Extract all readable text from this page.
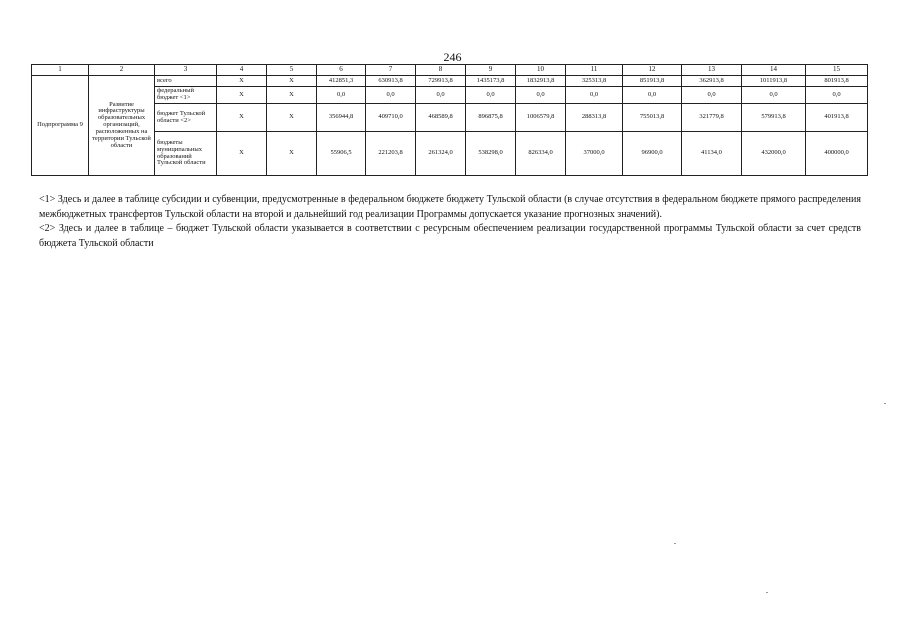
246
1	2	3	4	5	6	7	8	9	10	11	12	13	14	15
Подпрограмма 9	Развитие инфраструктуры образовательных организаций, расположенных на территории Тульской области	всего	X	X	412851,3	630913,8	729913,8	1435173,8	1832913,8	325313,8	851913,8	362913,8	1011913,8	801913,8
		федеральный бюджет <1>	X	X	0,0	0,0	0,0	0,0	0,0	0,0	0,0	0,0	0,0	0,0
		бюджет Тульской области <2>	X	X	356944,8	409710,0	468589,8	896875,8	1006579,8	288313,8	755013,8	321779,8	579913,8	401913,8
		бюджеты муниципальных образований Тульской области	X	X	55906,5	221203,8	261324,0	538298,0	826334,0	37000,0	96900,0	41134,0	432000,0	400000,0

<1> Здесь и далее в таблице субсидии и субвенции, предусмотренные в федеральном бюджете бюджету Тульской области (в случае отсутствия в федеральном бюджете прямого распределения межбюджетных трансфертов Тульской области на второй и дальнейший год реализации Программы допускается указание прогнозных значений).

<2> Здесь и далее в таблице – бюджет Тульской области указывается в соответствии с ресурсным обеспечением реализации государственной программы Тульской области за счет средств бюджета Тульской области
